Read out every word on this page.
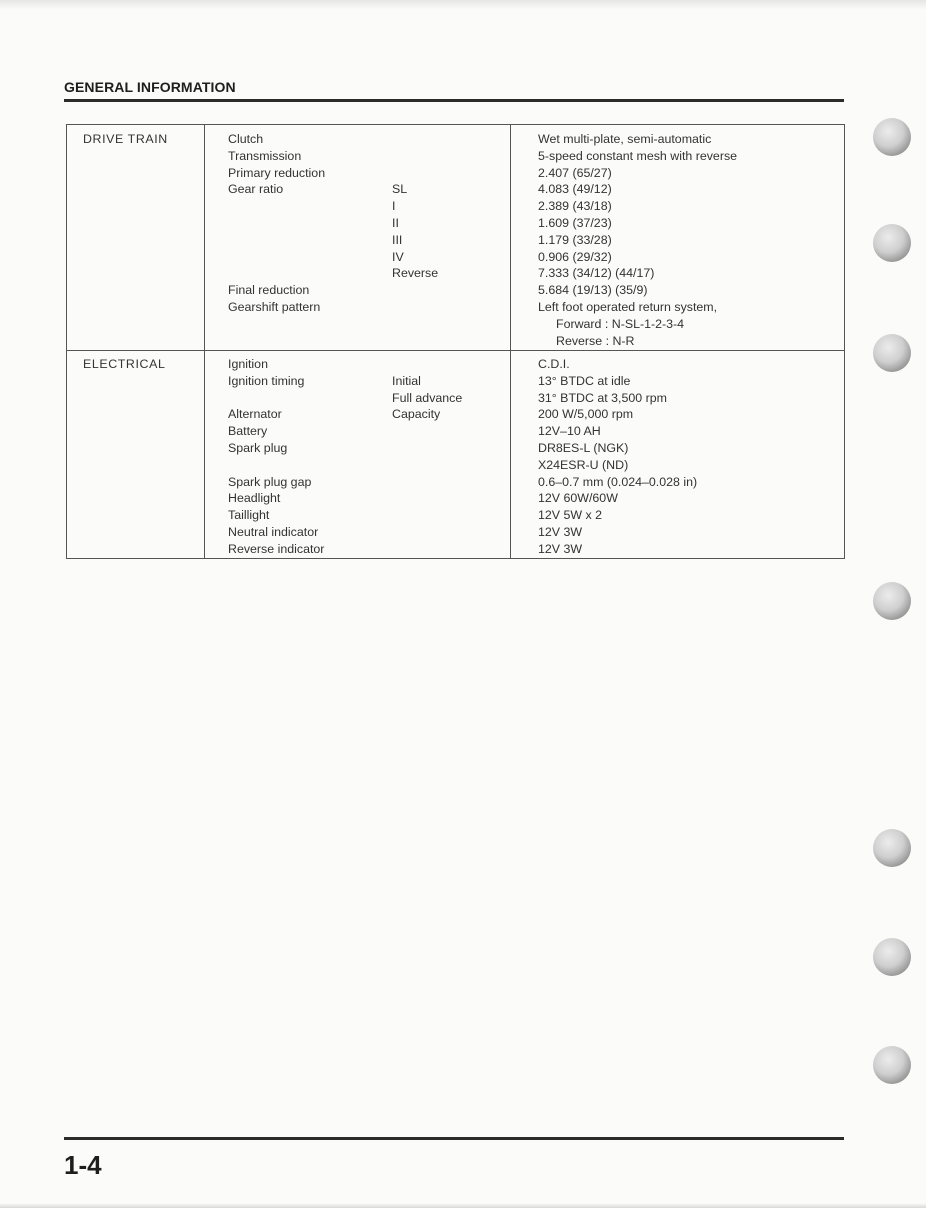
GENERAL INFORMATION
DRIVE TRAIN	Clutch
Transmission
Primary reduction
Gear ratio
Final reduction
Gearshift pattern
SL
I
II
III
IV
Reverse
Wet multi-plate, semi-automatic
5-speed constant mesh with reverse
2.407 (65/27)
4.083 (49/12)
2.389 (43/18)
1.609 (37/23)
1.179 (33/28)
0.906 (29/32)
7.333 (34/12) (44/17)
5.684 (19/13) (35/9)
Left foot operated return system,
Forward : N-SL-1-2-3-4
Reverse : N-R
ELECTRICAL	Ignition
Ignition timing
Alternator
Battery
Spark plug
Spark plug gap
Headlight
Taillight
Neutral indicator
Reverse indicator
Initial
Full advance
Capacity
C.D.I.
13° BTDC at idle
31° BTDC at 3,500 rpm
200 W/5,000 rpm
12V–10 AH
DR8ES-L (NGK)
X24ESR-U (ND)
0.6–0.7 mm (0.024–0.028 in)
12V 60W/60W
12V 5W x 2
12V 3W
12V 3W
1-4
